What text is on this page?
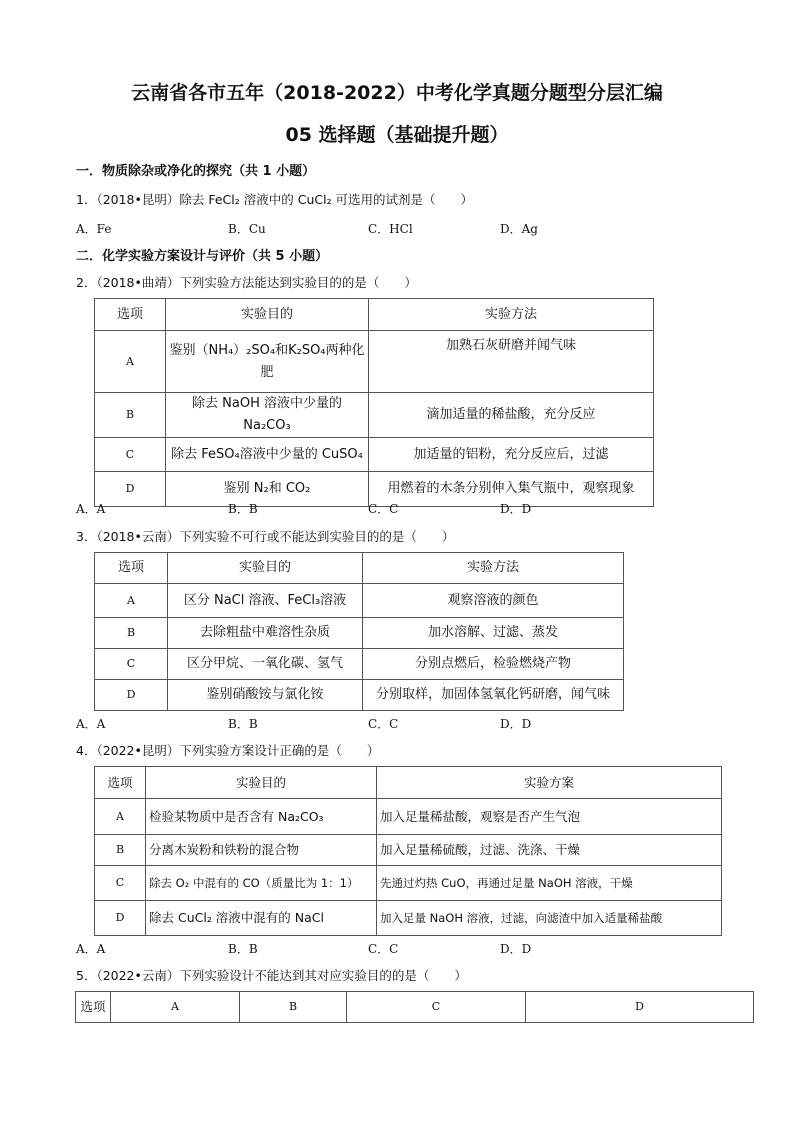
云南省各市五年（2018-2022）中考化学真题分题型分层汇编
05 选择题（基础提升题）
一．物质除杂或净化的探究（共 1 小题）
1．（2018•昆明）除去 FeCl₂ 溶液中的 CuCl₂ 可选用的试剂是（　　）
A．Fe	B．Cu	C．HCl	D．Ag
二．化学实验方案设计与评价（共 5 小题）
2．（2018•曲靖）下列实验方法能达到实验目的的是（　　）
选项	实验目的	实验方法
A	鉴别（NH₄）₂SO₄和K₂SO₄两种化肥	加熟石灰研磨并闻气味
B	除去 NaOH 溶液中少量的 Na₂CO₃	滴加适量的稀盐酸，充分反应
C	除去 FeSO₄溶液中少量的 CuSO₄	加适量的铝粉，充分反应后，过滤
D	鉴别 N₂和 CO₂	用燃着的木条分别伸入集气瓶中，观察现象
A．A	B．B	C．C	D．D
3．（2018•云南）下列实验不可行或不能达到实验目的的是（　　）
选项	实验目的	实验方法
A	区分 NaCl 溶液、FeCl₃溶液	观察溶液的颜色
B	去除粗盐中难溶性杂质	加水溶解、过滤、蒸发
C	区分甲烷、一氧化碳、氢气	分别点燃后，检验燃烧产物
D	鉴别硝酸铵与氯化铵	分别取样，加固体氢氧化钙研磨，闻气味
A．A	B．B	C．C	D．D
4．（2022•昆明）下列实验方案设计正确的是（　　）
选项	实验目的	实验方案
A	检验某物质中是否含有 Na₂CO₃	加入足量稀盐酸，观察是否产生气泡
B	分离木炭粉和铁粉的混合物	加入足量稀硫酸，过滤、洗涤、干燥
C	除去 O₂ 中混有的 CO（质量比为 1：1）	先通过灼热 CuO，再通过足量 NaOH 溶液，干燥
D	除去 CuCl₂ 溶液中混有的 NaCl	加入足量 NaOH 溶液，过滤，向滤渣中加入适量稀盐酸
A．A	B．B	C．C	D．D
5．（2022•云南）下列实验设计不能达到其对应实验目的的是（　　）
选项	A	B	C	D
